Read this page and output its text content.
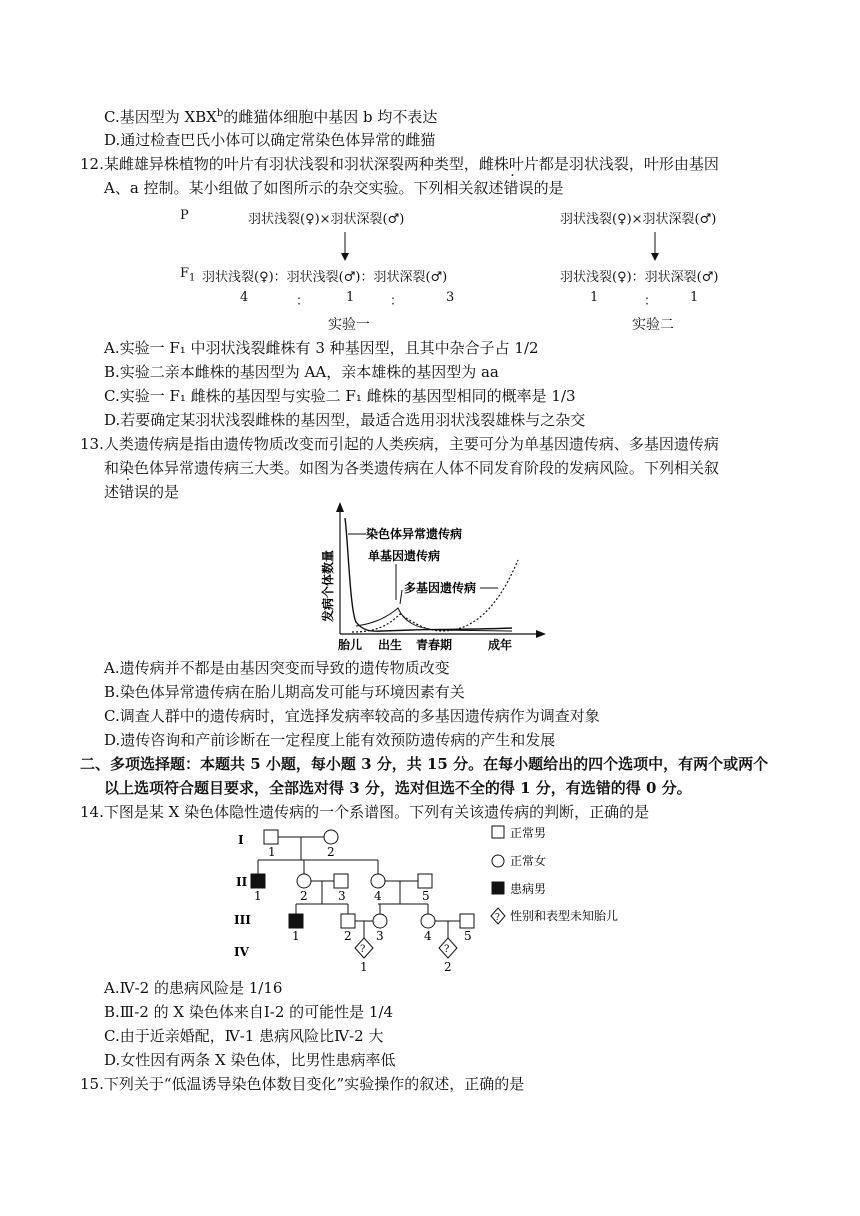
C.基因型为 XBX$^b$的雌猫体细胞中基因 b 均不表达
D.通过检查巴氏小体可以确定常染色体异常的雌猫
12.某雌雄异株植物的叶片有羽状浅裂和羽状深裂两种类型，雌株叶片都是羽状浅裂，叶形由基因
A、a 控制。某小组做了如图所示的杂交实验。下列相关叙述错误的是
P	羽状浅裂(♀)×羽状深裂(♂)	羽状浅裂(♀)×羽状深裂(♂)
$F_1$ 羽状浅裂(♀)：羽状浅裂(♂)：羽状深裂(♂)
4	：	1	：	3
羽状浅裂(♀)：羽状深裂(♂)
1	：	1
实验一	实验二
A.实验一 F₁ 中羽状浅裂雌株有 3 种基因型，且其中杂合子占 1/2
B.实验二亲本雌株的基因型为 AA，亲本雄株的基因型为 aa
C.实验一 F₁ 雌株的基因型与实验二 F₁ 雌株的基因型相同的概率是 1/3
D.若要确定某羽状浅裂雌株的基因型，最适合选用羽状浅裂雄株与之杂交
13.人类遗传病是指由遗传物质改变而引起的人类疾病，主要可分为单基因遗传病、多基因遗传病
和染色体异常遗传病三大类。如图为各类遗传病在人体不同发育阶段的发病风险。下列相关叙
述错误的是
发病个体数量
染色体异常遗传病
单基因遗传病
多基因遗传病
胎儿 出生 青春期	成年
A.遗传病并不都是由基因突变而导致的遗传物质改变
B.染色体异常遗传病在胎儿期高发可能与环境因素有关
C.调查人群中的遗传病时，宜选择发病率较高的多基因遗传病作为调查对象
D.遗传咨询和产前诊断在一定程度上能有效预防遗传病的产生和发展
二、多项选择题：本题共 5 小题，每小题 3 分，共 15 分。在每小题给出的四个选项中，有两个或两个
以上选项符合题目要求，全部选对得 3 分，选对但选不全的得 1 分，有选错的得 0 分。
14.下图是某 X 染色体隐性遗传病的一个系谱图。下列有关该遗传病的判断，正确的是
I
II
III
IV
1	2
1	2	3 4	5
1	2 3	4	5
?
1
?
2
正常男
正常女
患病男
? 性别和表型未知胎儿
A.Ⅳ-2 的患病风险是 1/16
B.Ⅲ-2 的 X 染色体来自Ⅰ-2 的可能性是 1/4
C.由于近亲婚配，Ⅳ-1 患病风险比Ⅳ-2 大
D.女性因有两条 X 染色体，比男性患病率低
15.下列关于“低温诱导染色体数目变化”实验操作的叙述，正确的是
